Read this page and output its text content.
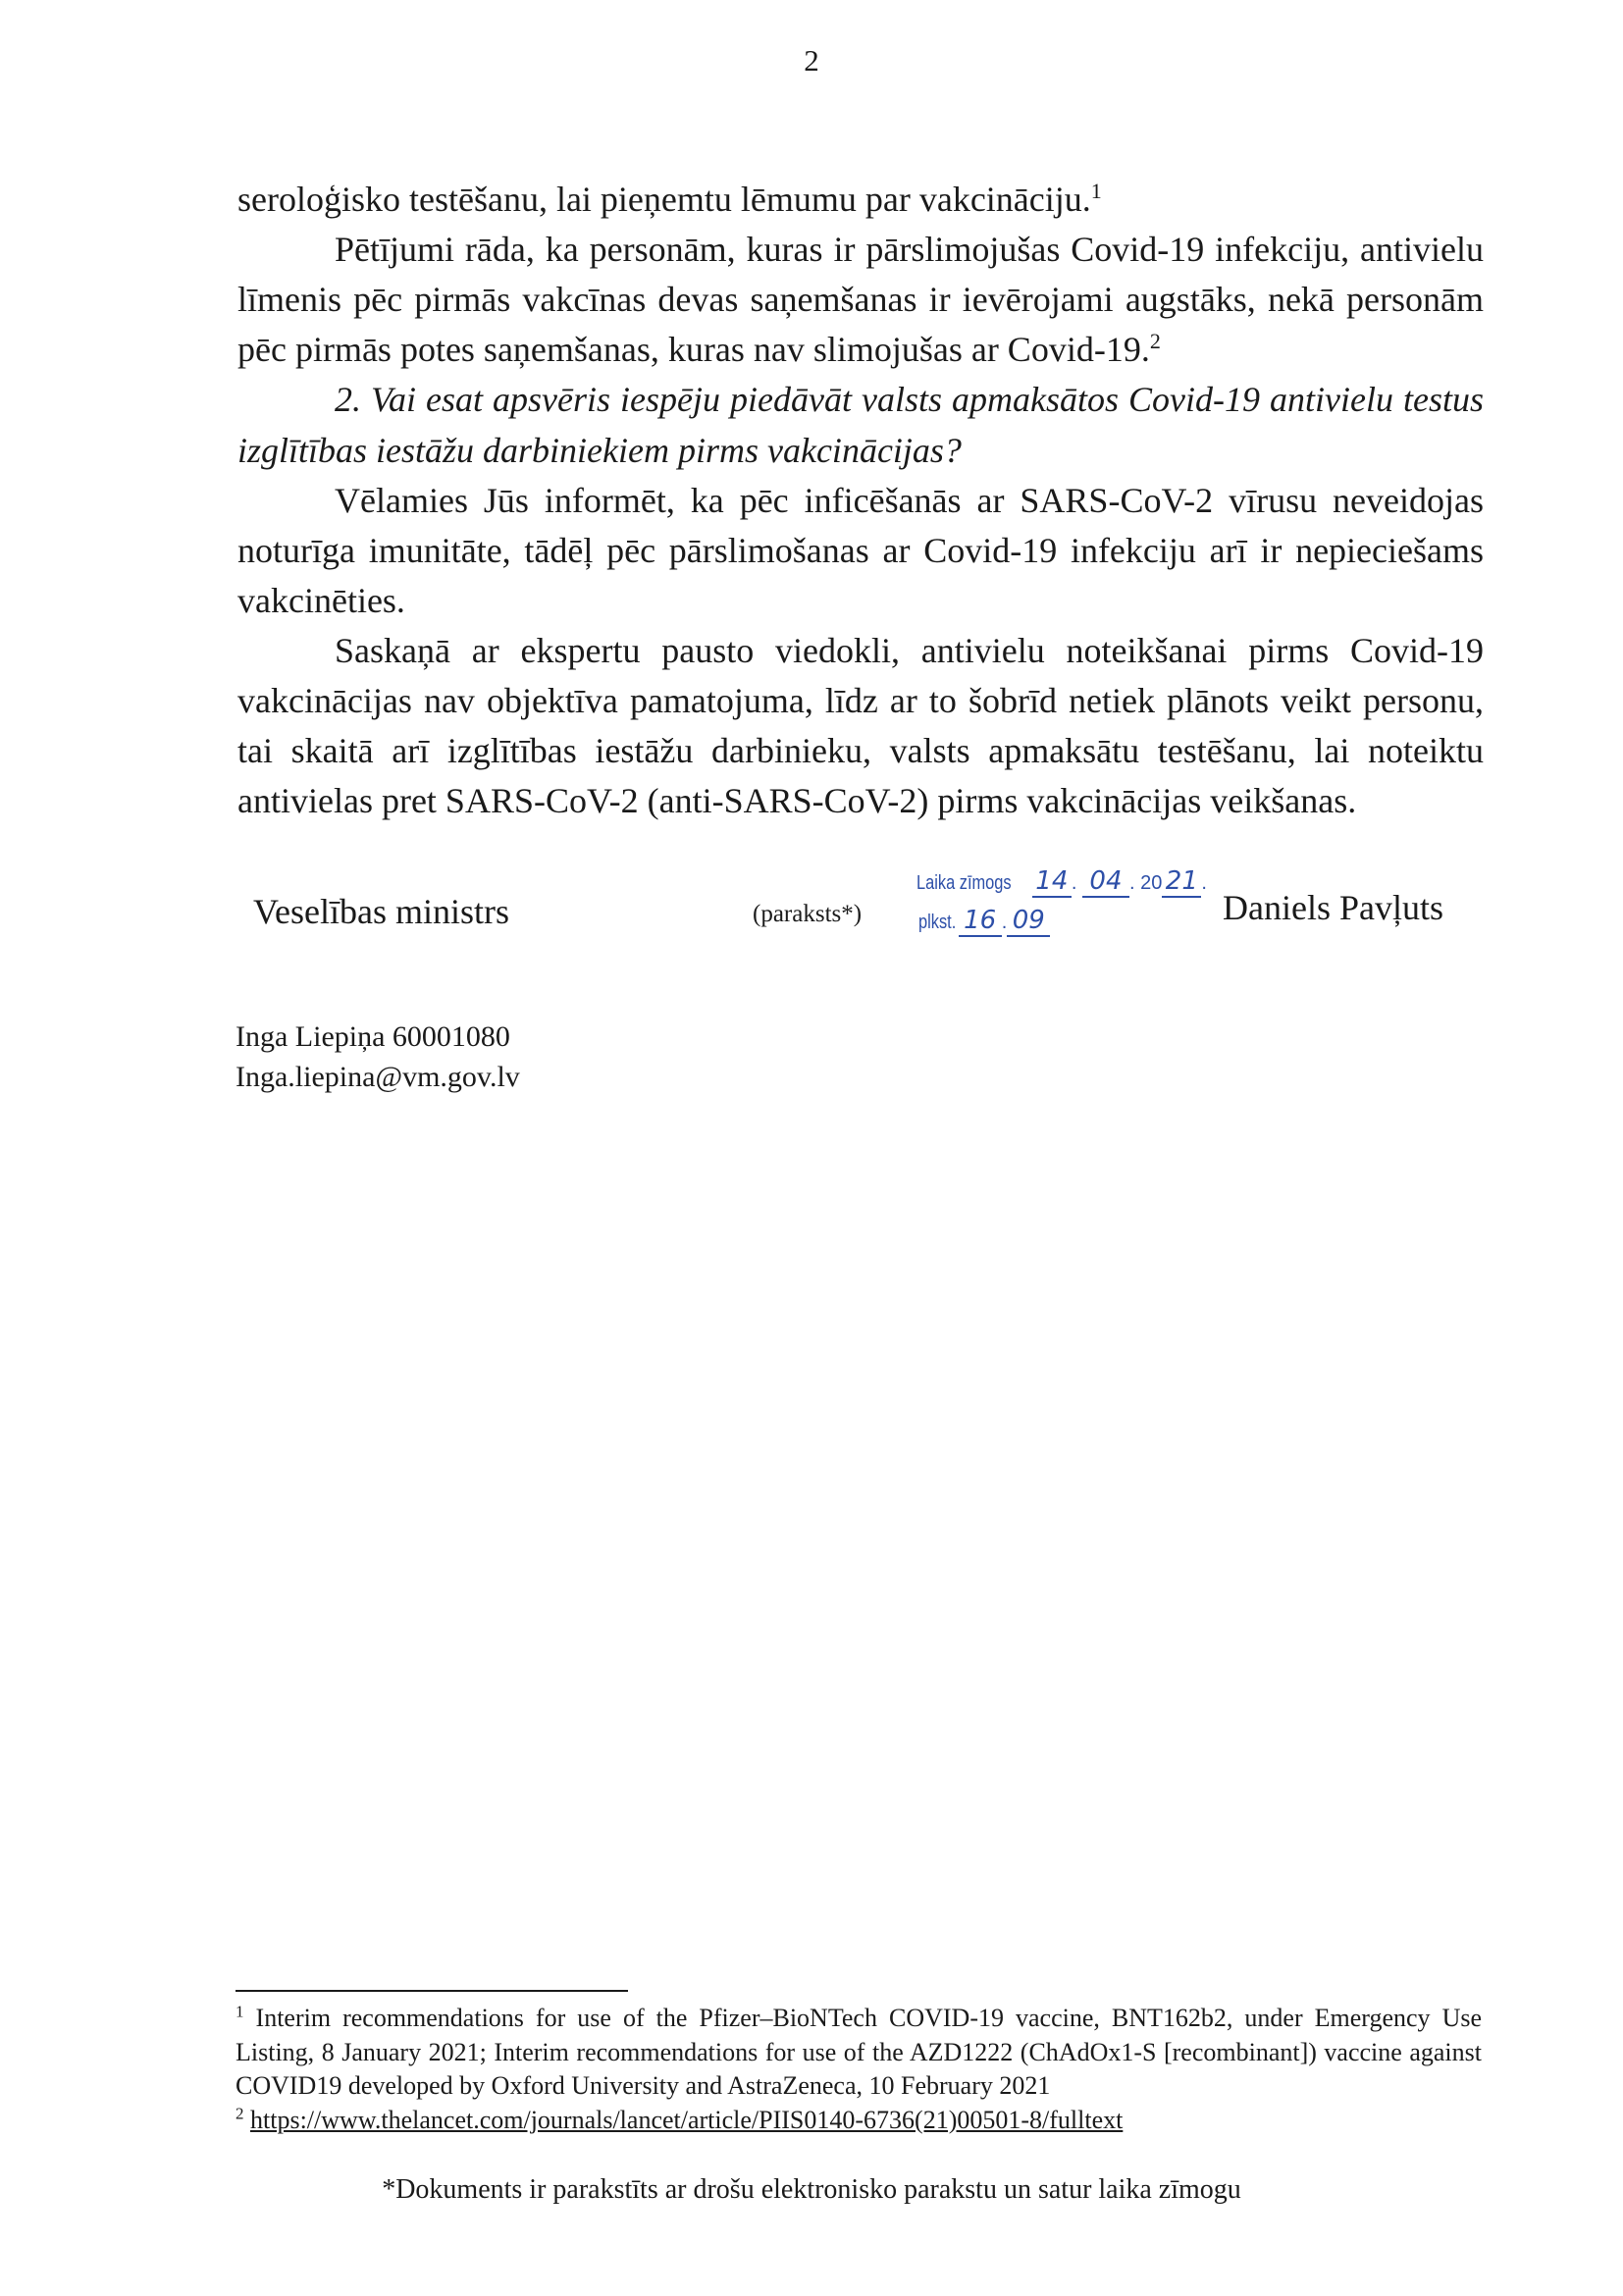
2

seroloģisko testēšanu, lai pieņemtu lēmumu par vakcināciju.$^1$

Pētījumi rāda, ka personām, kuras ir pārslimojušas Covid-19 infekciju, antivielu līmenis pēc pirmās vakcīnas devas saņemšanas ir ievērojami augstāks, nekā personām pēc pirmās potes saņemšanas, kuras nav slimojušas ar Covid-19.$^2$

2. Vai esat apsvēris iespēju piedāvāt valsts apmaksātos Covid-19 antivielu testus izglītības iestāžu darbiniekiem pirms vakcinācijas?

Vēlamies Jūs informēt, ka pēc inficēšanās ar SARS-CoV-2 vīrusu neveidojas noturīga imunitāte, tādēļ pēc pārslimošanas ar Covid-19 infekciju arī ir nepieciešams vakcinēties.

Saskaņā ar ekspertu pausto viedokli, antivielu noteikšanai pirms Covid-19 vakcinācijas nav objektīva pamatojuma, līdz ar to šobrīd netiek plānots veikt personu, tai skaitā arī izglītības iestāžu darbinieku, valsts apmaksātu testēšanu, lai noteiktu antivielas pret SARS-CoV-2 (anti-SARS-CoV-2) pirms vakcinācijas veikšanas.

Veselības ministrs	(paraksts*)
Laika zīmogs 14 . 04 . 20 21 .
plkst. 16 . 09	Daniels Pavļuts
Inga Liepiņa 60001080
Inga.liepina@vm.gov.lv

$^1$ Interim recommendations for use of the Pfizer–BioNTech COVID-19 vaccine, BNT162b2, under Emergency Use Listing, 8 January 2021; Interim recommendations for use of the AZD1222 (ChAdOx1-S [recombinant]) vaccine against COVID19 developed by Oxford University and AstraZeneca, 10 February 2021

$^2$ https://www.thelancet.com/journals/lancet/article/PIIS0140-6736(21)00501-8/fulltext

*Dokuments ir parakstīts ar drošu elektronisko parakstu un satur laika zīmogu
